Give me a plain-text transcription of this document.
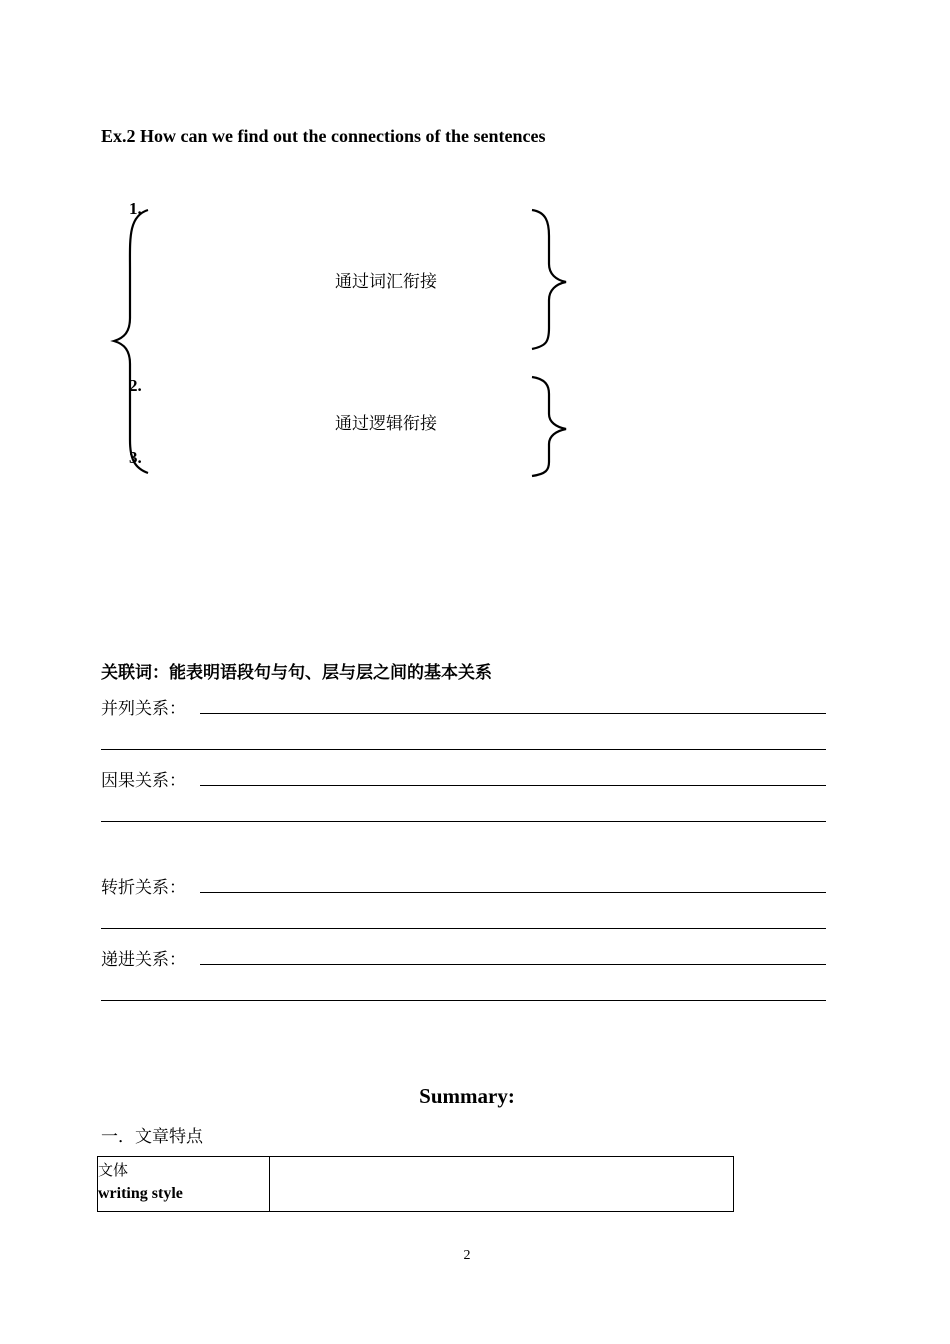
Ex.2 How can we find out the connections of the sentences
1.
2.
3.
通过词汇衔接
通过逻辑衔接
关联词：能表明语段句与句、层与层之间的基本关系
并列关系：
因果关系：
转折关系：
递进关系：
Summary:
一．文章特点
文体
writing style

2
